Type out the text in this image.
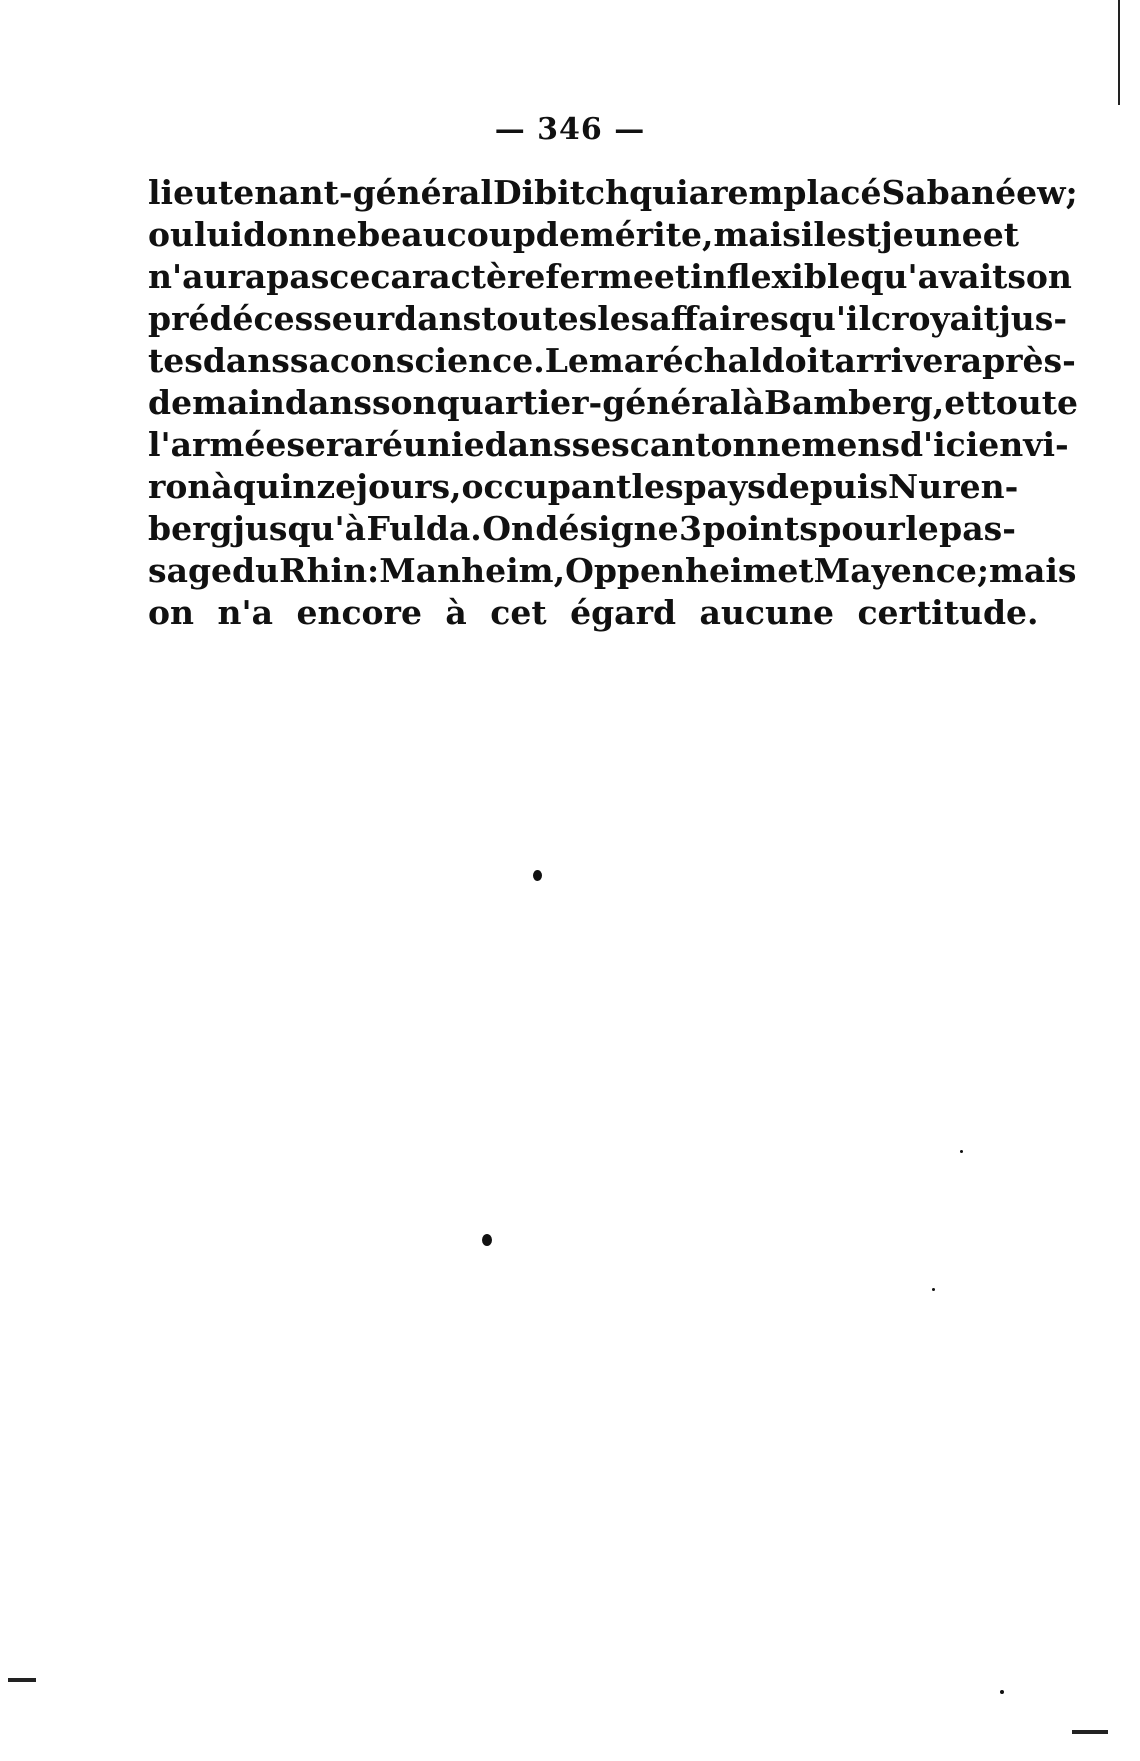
— 346 —
lieutenant-général Dibitch qui a remplacé Sabanéew;
ou lui donne beaucoup de mérite, mais il est jeune et
n'aura pas ce caractère ferme et inflexible qu'avait son
prédécesseur dans toutes les affaires qu'il croyait jus-
tes dans sa conscience. Le maréchal doit arriver après-
demain dans son quartier-général à Bamberg, et toute
l'armée sera réunie dans ses cantonnemens d'ici envi-
ron à quinze jours, occupant les pays depuis Nuren-
berg jusqu'à Fulda. On désigne 3 points pour le pas-
sage du Rhin: Manheim, Oppenheim et Mayence; mais
on n'a encore à cet égard aucune certitude.
